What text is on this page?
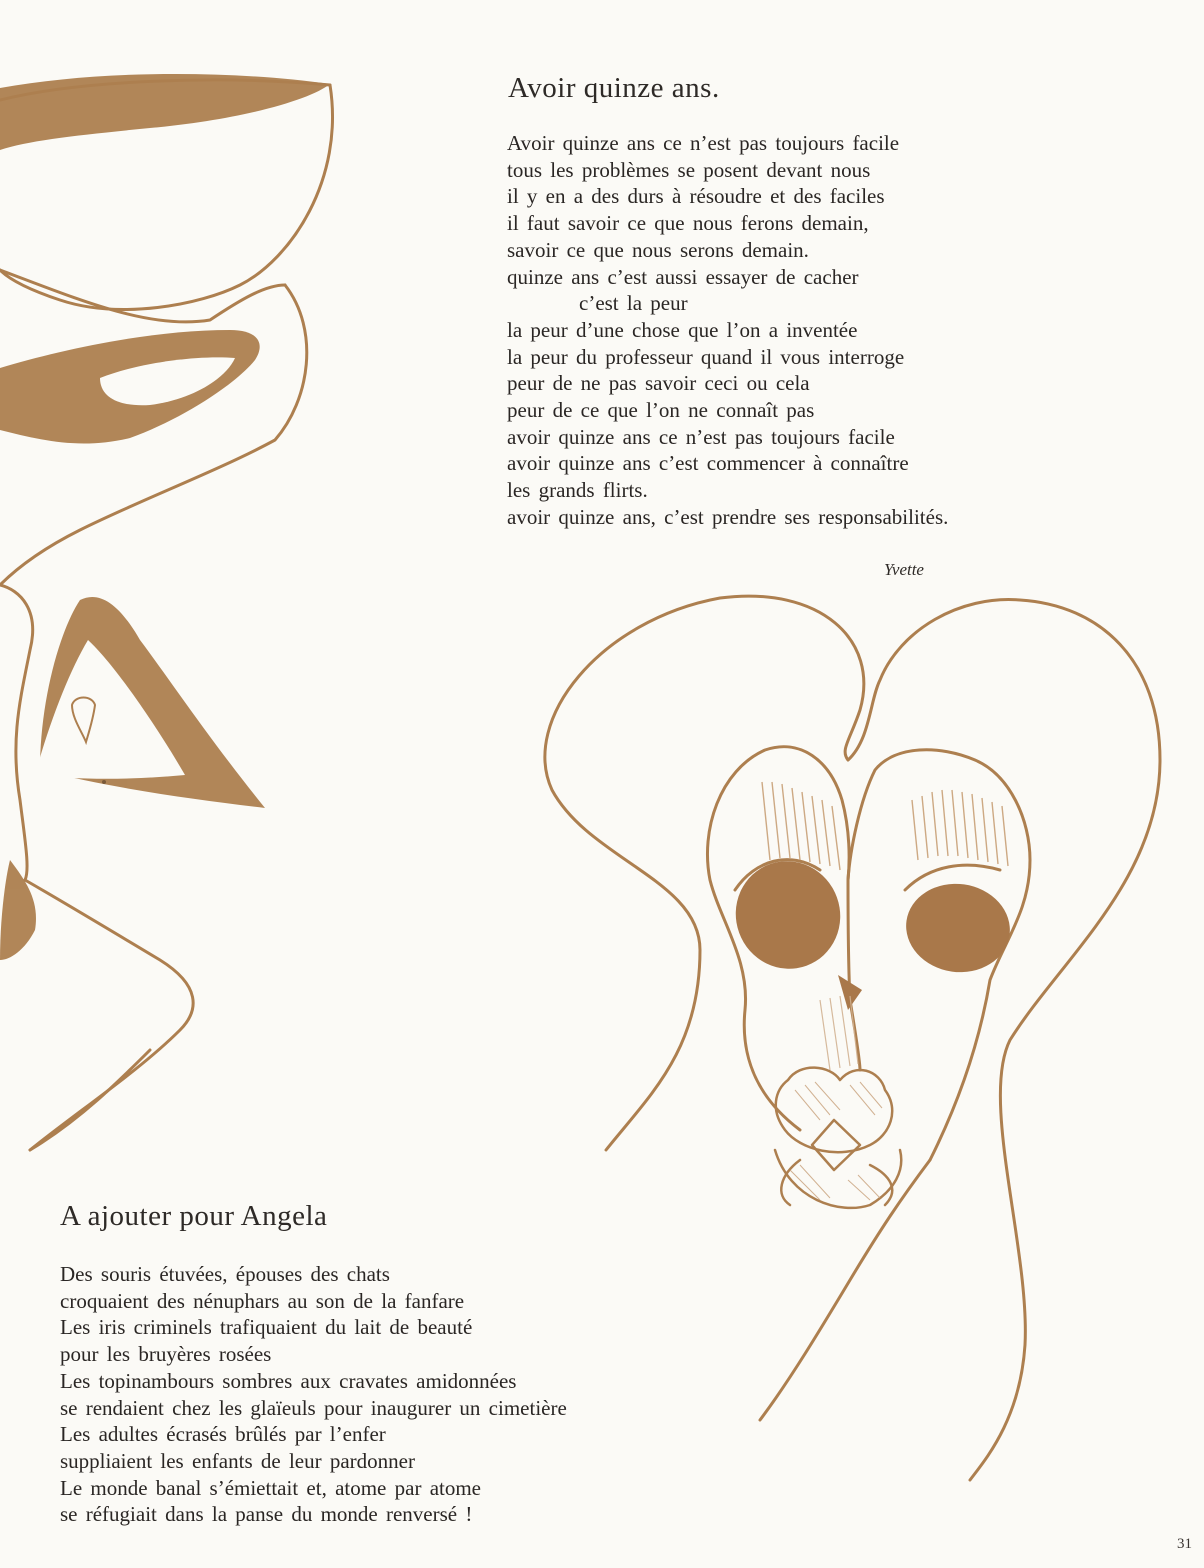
Avoir quinze ans.
Avoir quinze ans ce n’est pas toujours facile
tous les problèmes se posent devant nous
il y en a des durs à résoudre et des faciles
il faut savoir ce que nous ferons demain,
savoir ce que nous serons demain.
quinze ans c’est aussi essayer de cacher
c’est la peur
la peur d’une chose que l’on a inventée
la peur du professeur quand il vous interroge
peur de ne pas savoir ceci ou cela
peur de ce que l’on ne connaît pas
avoir quinze ans ce n’est pas toujours facile
avoir quinze ans c’est commencer à connaître
les grands flirts.
avoir quinze ans, c’est prendre ses responsabilités.
Yvette
A ajouter pour Angela
Des souris étuvées, épouses des chats
croquaient des nénuphars au son de la fanfare
Les iris criminels trafiquaient du lait de beauté
pour les bruyères rosées
Les topinambours sombres aux cravates amidonnées
se rendaient chez les glaïeuls pour inaugurer un cimetière
Les adultes écrasés brûlés par l’enfer
suppliaient les enfants de leur pardonner
Le monde banal s’émiettait et, atome par atome
se réfugiait dans la panse du monde renversé !
31
